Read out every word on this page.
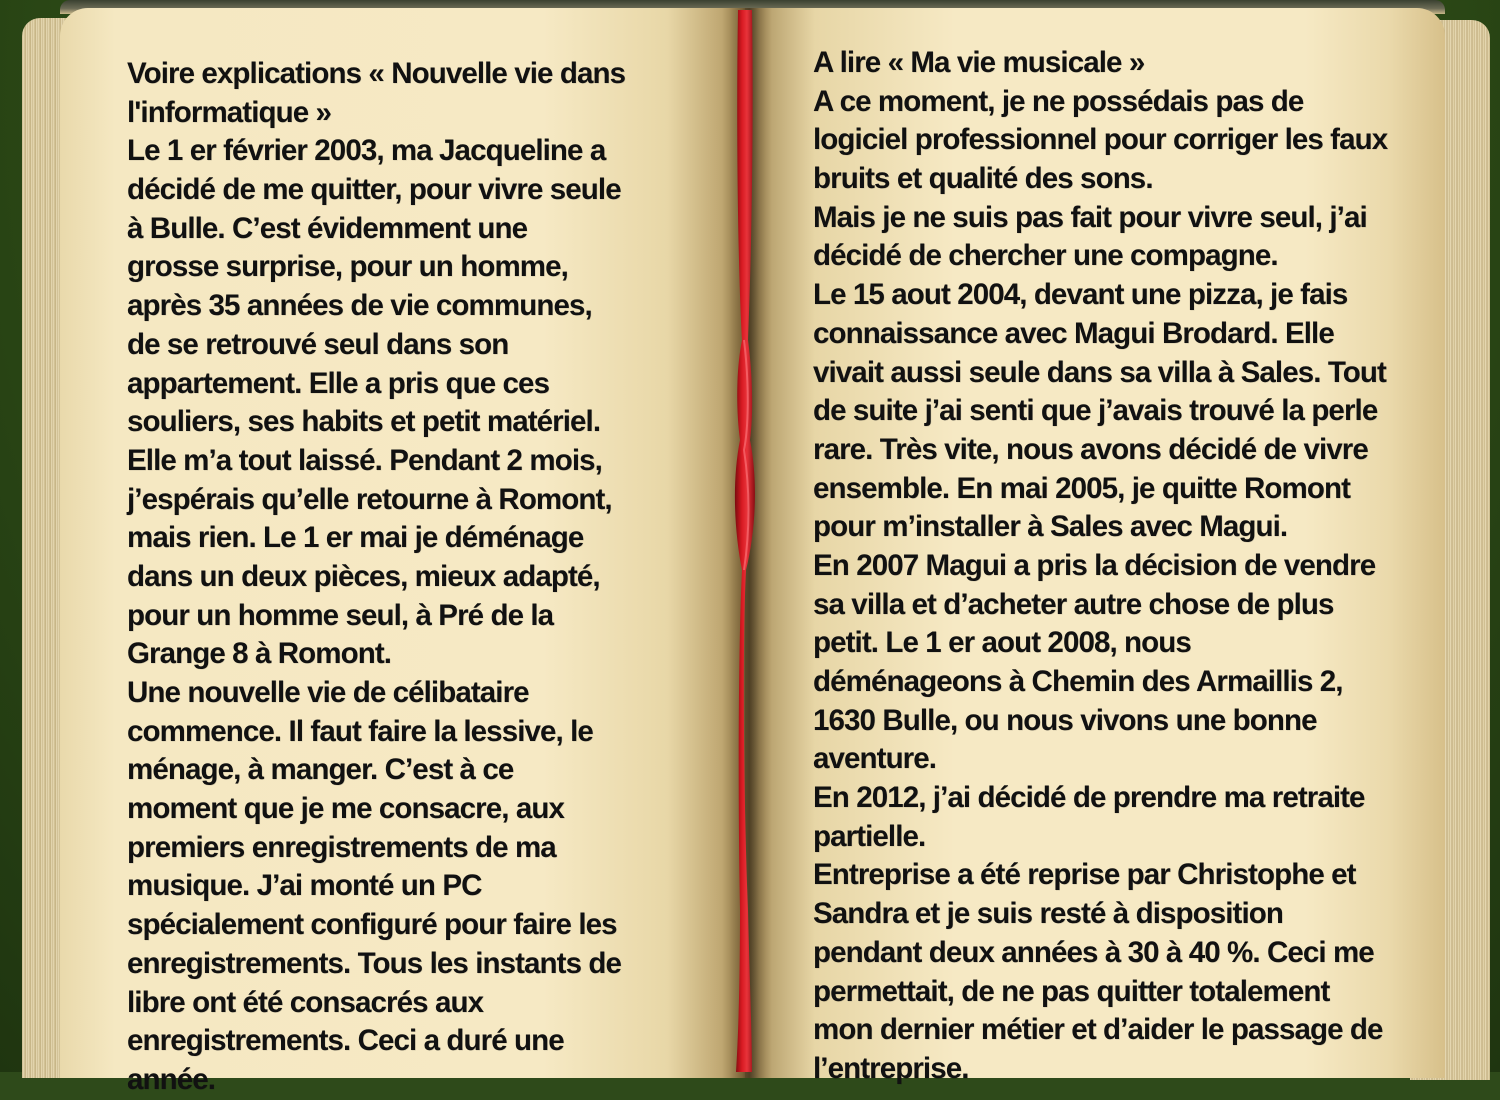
Voire explications « Nouvelle vie dans
l'informatique »
Le 1 er février 2003, ma Jacqueline a
décidé de me quitter, pour vivre seule
à Bulle. C’est évidemment une
grosse surprise, pour un homme,
après 35 années de vie communes,
de se retrouvé seul dans son
appartement. Elle a pris que ces
souliers, ses habits et petit matériel.
Elle m’a tout laissé. Pendant 2 mois,
j’espérais qu’elle retourne à Romont,
mais rien. Le 1 er mai je déménage
dans un deux pièces, mieux adapté,
pour un homme seul, à Pré de la
Grange 8 à Romont.
Une nouvelle vie de célibataire
commence. Il faut faire la lessive, le
ménage, à manger. C’est à ce
moment que je me consacre, aux
premiers enregistrements de ma
musique. J’ai monté un PC
spécialement configuré pour faire les
enregistrements. Tous les instants de
libre ont été consacrés aux
enregistrements. Ceci a duré une
année.
A lire « Ma vie musicale »
A ce moment, je ne possédais pas de
logiciel professionnel pour corriger les faux
bruits et qualité des sons.
Mais je ne suis pas fait pour vivre seul, j’ai
décidé de chercher une compagne.
Le 15 aout 2004, devant une pizza, je fais
connaissance avec Magui Brodard. Elle
vivait aussi seule dans sa villa à Sales. Tout
de suite j’ai senti que j’avais trouvé la perle
rare. Très vite, nous avons décidé de vivre
ensemble. En mai 2005, je quitte Romont
pour m’installer à Sales avec Magui.
En 2007 Magui a pris la décision de vendre
sa villa et d’acheter autre chose de plus
petit. Le 1 er aout 2008, nous
déménageons à Chemin des Armaillis 2,
1630 Bulle, ou nous vivons une bonne
aventure.
En 2012, j’ai décidé de prendre ma retraite
partielle.
Entreprise a été reprise par Christophe et
Sandra et je suis resté à disposition
pendant deux années à 30 à 40 %. Ceci me
permettait, de ne pas quitter totalement
mon dernier métier et d’aider le passage de
l’entreprise.
